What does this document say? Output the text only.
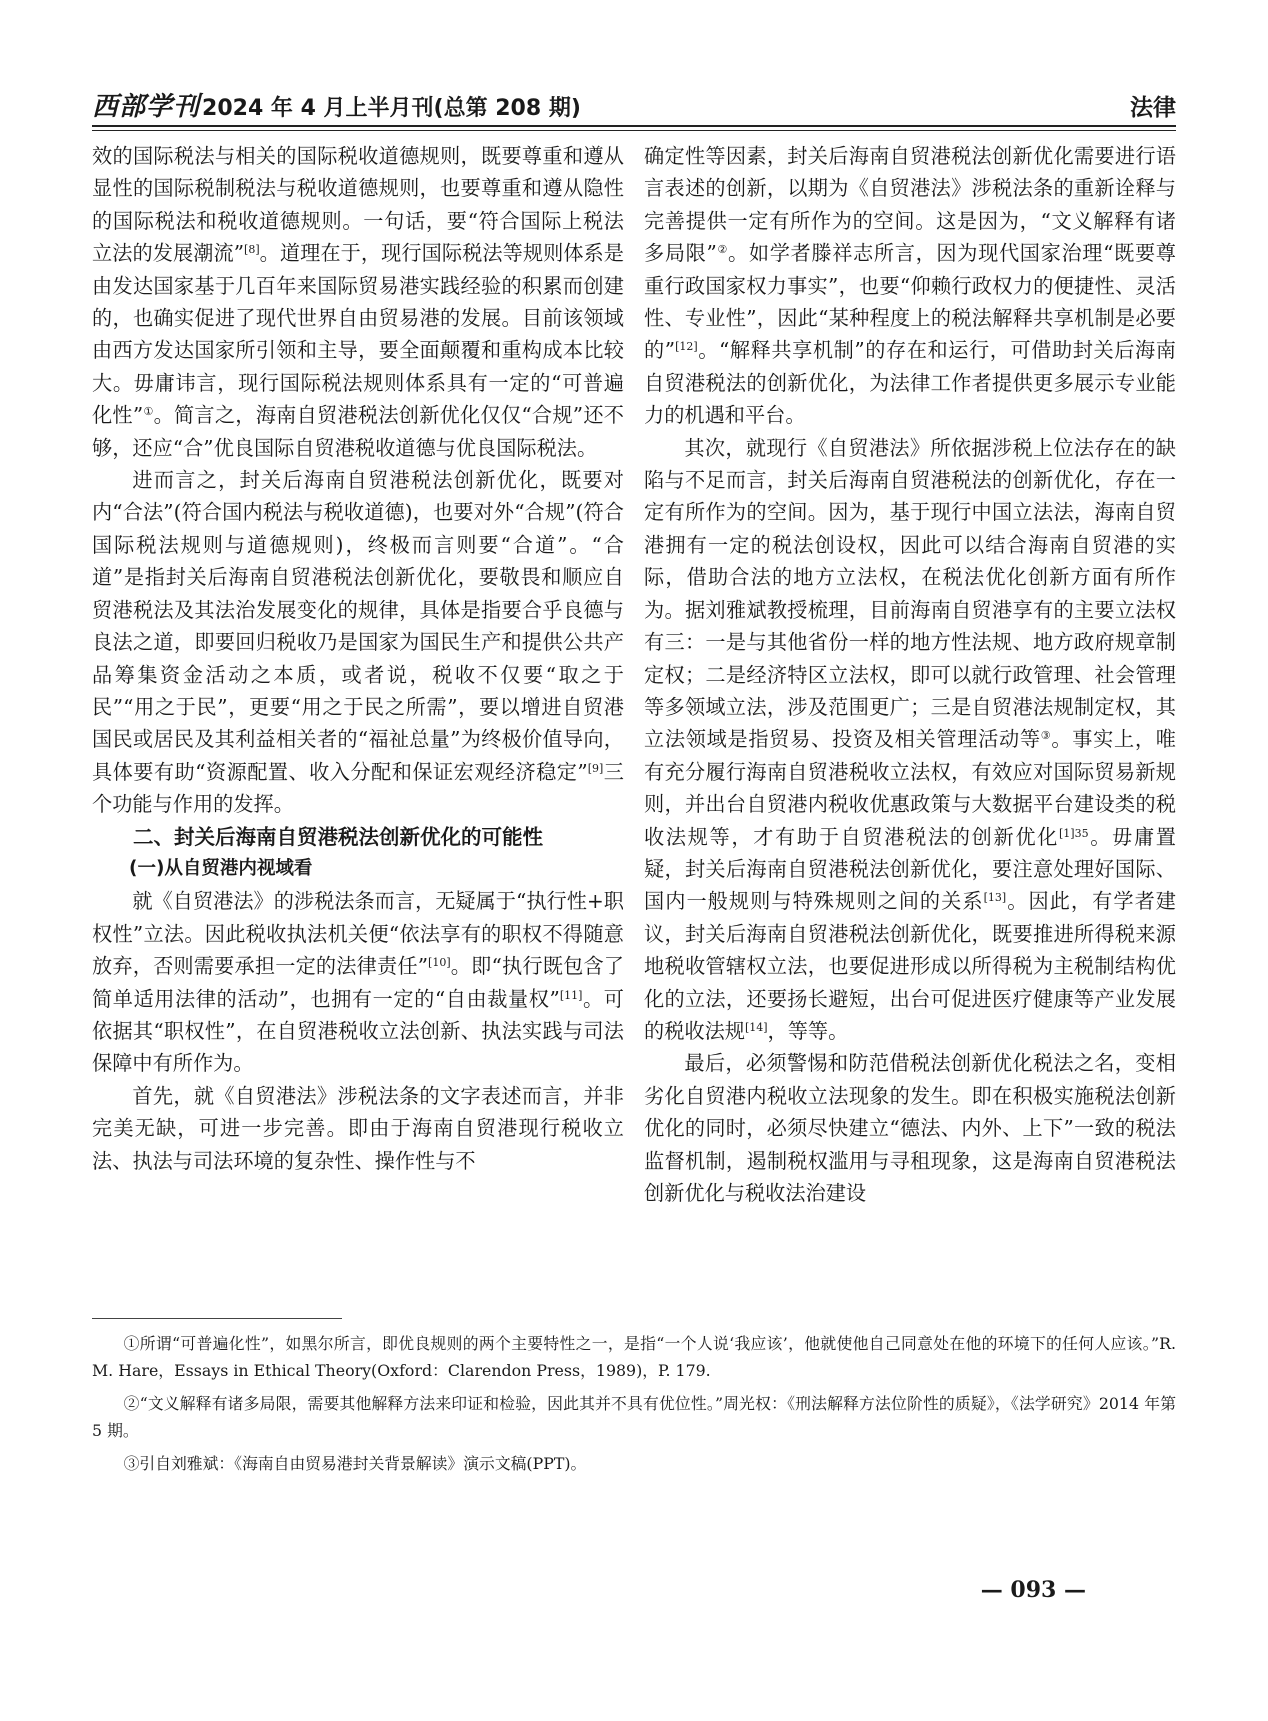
西部学刊 2024 年 4 月上半月刊(总第 208 期)	法律

效的国际税法与相关的国际税收道德规则，既要尊重和遵从显性的国际税制税法与税收道德规则，也要尊重和遵从隐性的国际税法和税收道德规则。一句话，要“符合国际上税法立法的发展潮流”[8]。道理在于，现行国际税法等规则体系是由发达国家基于几百年来国际贸易港实践经验的积累而创建的，也确实促进了现代世界自由贸易港的发展。目前该领域由西方发达国家所引领和主导，要全面颠覆和重构成本比较大。毋庸讳言，现行国际税法规则体系具有一定的“可普遍化性”①。简言之，海南自贸港税法创新优化仅仅“合规”还不够，还应“合”优良国际自贸港税收道德与优良国际税法。

进而言之，封关后海南自贸港税法创新优化，既要对内“合法”(符合国内税法与税收道德)，也要对外“合规”(符合国际税法规则与道德规则)，终极而言则要“合道”。“合道”是指封关后海南自贸港税法创新优化，要敬畏和顺应自贸港税法及其法治发展变化的规律，具体是指要合乎良德与良法之道，即要回归税收乃是国家为国民生产和提供公共产品筹集资金活动之本质，或者说，税收不仅要“取之于民”“用之于民”，更要“用之于民之所需”，要以增进自贸港国民或居民及其利益相关者的“福祉总量”为终极价值导向，具体要有助“资源配置、收入分配和保证宏观经济稳定”[9]三个功能与作用的发挥。

二、封关后海南自贸港税法创新优化的可能性
(一)从自贸港内视域看

就《自贸港法》的涉税法条而言，无疑属于“执行性+职权性”立法。因此税收执法机关便“依法享有的职权不得随意放弃，否则需要承担一定的法律责任”[10]。即“执行既包含了简单适用法律的活动”，也拥有一定的“自由裁量权”[11]。可依据其“职权性”，在自贸港税收立法创新、执法实践与司法保障中有所作为。

首先，就《自贸港法》涉税法条的文字表述而言，并非完美无缺，可进一步完善。即由于海南自贸港现行税收立法、执法与司法环境的复杂性、操作性与不

确定性等因素，封关后海南自贸港税法创新优化需要进行语言表述的创新，以期为《自贸港法》涉税法条的重新诠释与完善提供一定有所作为的空间。这是因为，“文义解释有诸多局限”②。如学者滕祥志所言，因为现代国家治理“既要尊重行政国家权力事实”，也要“仰赖行政权力的便捷性、灵活性、专业性”，因此“某种程度上的税法解释共享机制是必要的”[12]。“解释共享机制”的存在和运行，可借助封关后海南自贸港税法的创新优化，为法律工作者提供更多展示专业能力的机遇和平台。

其次，就现行《自贸港法》所依据涉税上位法存在的缺陷与不足而言，封关后海南自贸港税法的创新优化，存在一定有所作为的空间。因为，基于现行中国立法法，海南自贸港拥有一定的税法创设权，因此可以结合海南自贸港的实际，借助合法的地方立法权，在税法优化创新方面有所作为。据刘雅斌教授梳理，目前海南自贸港享有的主要立法权有三：一是与其他省份一样的地方性法规、地方政府规章制定权；二是经济特区立法权，即可以就行政管理、社会管理等多领域立法，涉及范围更广；三是自贸港法规制定权，其立法领域是指贸易、投资及相关管理活动等③。事实上，唯有充分履行海南自贸港税收立法权，有效应对国际贸易新规则，并出台自贸港内税收优惠政策与大数据平台建设类的税收法规等，才有助于自贸港税法的创新优化$^{[1]35}$。毋庸置疑，封关后海南自贸港税法创新优化，要注意处理好国际、国内一般规则与特殊规则之间的关系[13]。因此，有学者建议，封关后海南自贸港税法创新优化，既要推进所得税来源地税收管辖权立法，也要促进形成以所得税为主税制结构优化的立法，还要扬长避短，出台可促进医疗健康等产业发展的税收法规[14]，等等。

最后，必须警惕和防范借税法创新优化税法之名，变相劣化自贸港内税收立法现象的发生。即在积极实施税法创新优化的同时，必须尽快建立“德法、内外、上下”一致的税法监督机制，遏制税权滥用与寻租现象，这是海南自贸港税法创新优化与税收法治建设

①所谓“可普遍化性”，如黑尔所言，即优良规则的两个主要特性之一，是指“一个人说‘我应该’，他就使他自己同意处在他的环境下的任何人应该。”R. M. Hare，Essays in Ethical Theory(Oxford：Clarendon Press，1989)，P. 179.

②“文义解释有诸多局限，需要其他解释方法来印证和检验，因此其并不具有优位性。”周光权：《刑法解释方法位阶性的质疑》，《法学研究》2014 年第 5 期。

③引自刘雅斌：《海南自由贸易港封关背景解读》演示文稿(PPT)。

— 093 —
